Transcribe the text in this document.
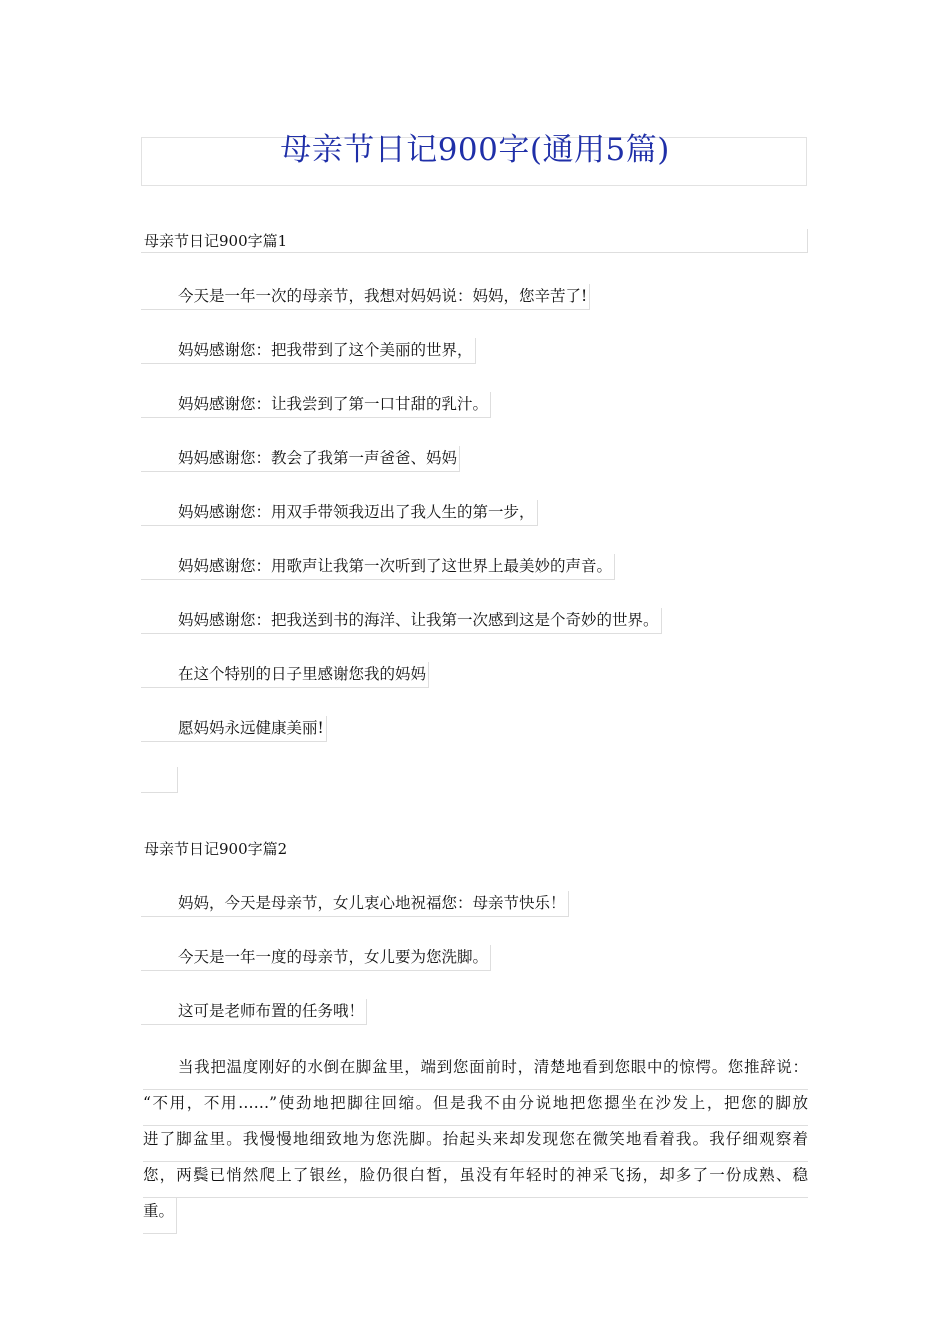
母亲节日记900字(通用5篇)
母亲节日记900字篇1
今天是一年一次的母亲节，我想对妈妈说：妈妈，您辛苦了!
妈妈感谢您：把我带到了这个美丽的世界，
妈妈感谢您：让我尝到了第一口甘甜的乳汁。
妈妈感谢您：教会了我第一声爸爸、妈妈
妈妈感谢您：用双手带领我迈出了我人生的第一步，
妈妈感谢您：用歌声让我第一次听到了这世界上最美妙的声音。
妈妈感谢您：把我送到书的海洋、让我第一次感到这是个奇妙的世界。
在这个特别的日子里感谢您我的妈妈
愿妈妈永远健康美丽!
母亲节日记900字篇2
妈妈，今天是母亲节，女儿衷心地祝福您：母亲节快乐！
今天是一年一度的母亲节，女儿要为您洗脚。
这可是老师布置的任务哦！
当我把温度刚好的水倒在脚盆里，端到您面前时，清楚地看到您眼中的惊愕。您推辞说：
“不用，不用……”使劲地把脚往回缩。但是我不由分说地把您摁坐在沙发上，把您的脚放
进了脚盆里。我慢慢地细致地为您洗脚。抬起头来却发现您在微笑地看着我。我仔细观察着
您，两鬓已悄然爬上了银丝，脸仍很白皙，虽没有年轻时的神采飞扬，却多了一份成熟、稳
重。
